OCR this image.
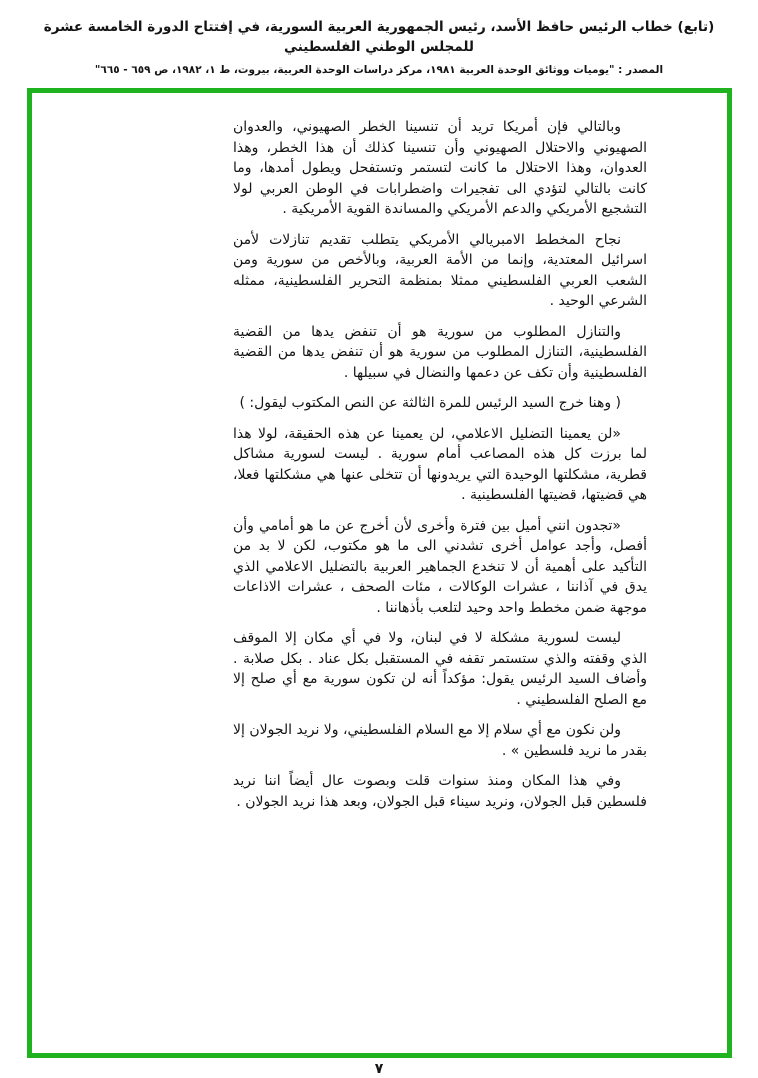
(تابع) خطاب الرئيس حافظ الأسد، رئيس الجمهورية العربية السورية، في إفتتاح الدورة الخامسة عشرة للمجلس الوطني الفلسطيني
المصدر : "يوميات ووثائق الوحدة العربية ١٩٨١، مركز دراسات الوحدة العربية، بيروت، ط ١، ١٩٨٢، ص ٦٥٩ - ٦٦٥"

وبالتالي فإن أمريكا تريد أن تنسينا الخطر الصهيوني، والعدوان الصهيوني والاحتلال الصهيوني وأن تنسينا كذلك أن هذا الخطر، وهذا العدوان، وهذا الاحتلال ما كانت لتستمر وتستفحل ويطول أمدها، وما كانت بالتالي لتؤدي الى تفجيرات واضطرابات في الوطن العربي لولا التشجيع الأمريكي والدعم الأمريكي والمساندة القوية الأمريكية .

نجاح المخطط الامبريالي الأمريكي يتطلب تقديم تنازلات لأمن اسرائيل المعتدية، وإنما من الأمة العربية، وبالأخص من سورية ومن الشعب العربي الفلسطيني ممثلا بمنظمة التحرير الفلسطينية، ممثله الشرعي الوحيد .

والتنازل المطلوب من سورية هو أن تنفض يدها من القضية الفلسطينية، التنازل المطلوب من سورية هو أن تنفض يدها من القضية الفلسطينية وأن تكف عن دعمها والنضال في سبيلها .

( وهنا خرج السيد الرئيس للمرة الثالثة عن النص المكتوب ليقول: )

«لن يعمينا التضليل الاعلامي، لن يعمينا عن هذه الحقيقة، لولا هذا لما برزت كل هذه المصاعب أمام سورية . ليست لسورية مشاكل قطرية، مشكلتها الوحيدة التي يريدونها أن تتخلى عنها هي مشكلتها فعلا، هي قضيتها، قضيتها الفلسطينية .

«تجدون انني أميل بين فترة وأخرى لأن أخرج عن ما هو أمامي وأن أفصل، وأجد عوامل أخرى تشدني الى ما هو مكتوب، لكن لا بد من التأكيد على أهمية أن لا تنخدع الجماهير العربية بالتضليل الاعلامي الذي يدق في آذاننا ، عشرات الوكالات ، مئات الصحف ، عشرات الاذاعات موجهة ضمن مخطط واحد وحيد لتلعب بأذهاننا .

ليست لسورية مشكلة لا في لبنان، ولا في أي مكان إلا الموقف الذي وقفته والذي ستستمر تقفه في المستقبل بكل عناد . بكل صلابة . وأضاف السيد الرئيس يقول: مؤكداً أنه لن تكون سورية مع أي صلح إلا مع الصلح الفلسطيني .

ولن نكون مع أي سلام إلا مع السلام الفلسطيني، ولا نريد الجولان إلا بقدر ما نريد فلسطين » .

وفي هذا المكان ومنذ سنوات قلت وبصوت عال أيضاً اننا نريد فلسطين قبل الجولان، ونريد سيناء قبل الجولان، وبعد هذا نريد الجولان .

٧
